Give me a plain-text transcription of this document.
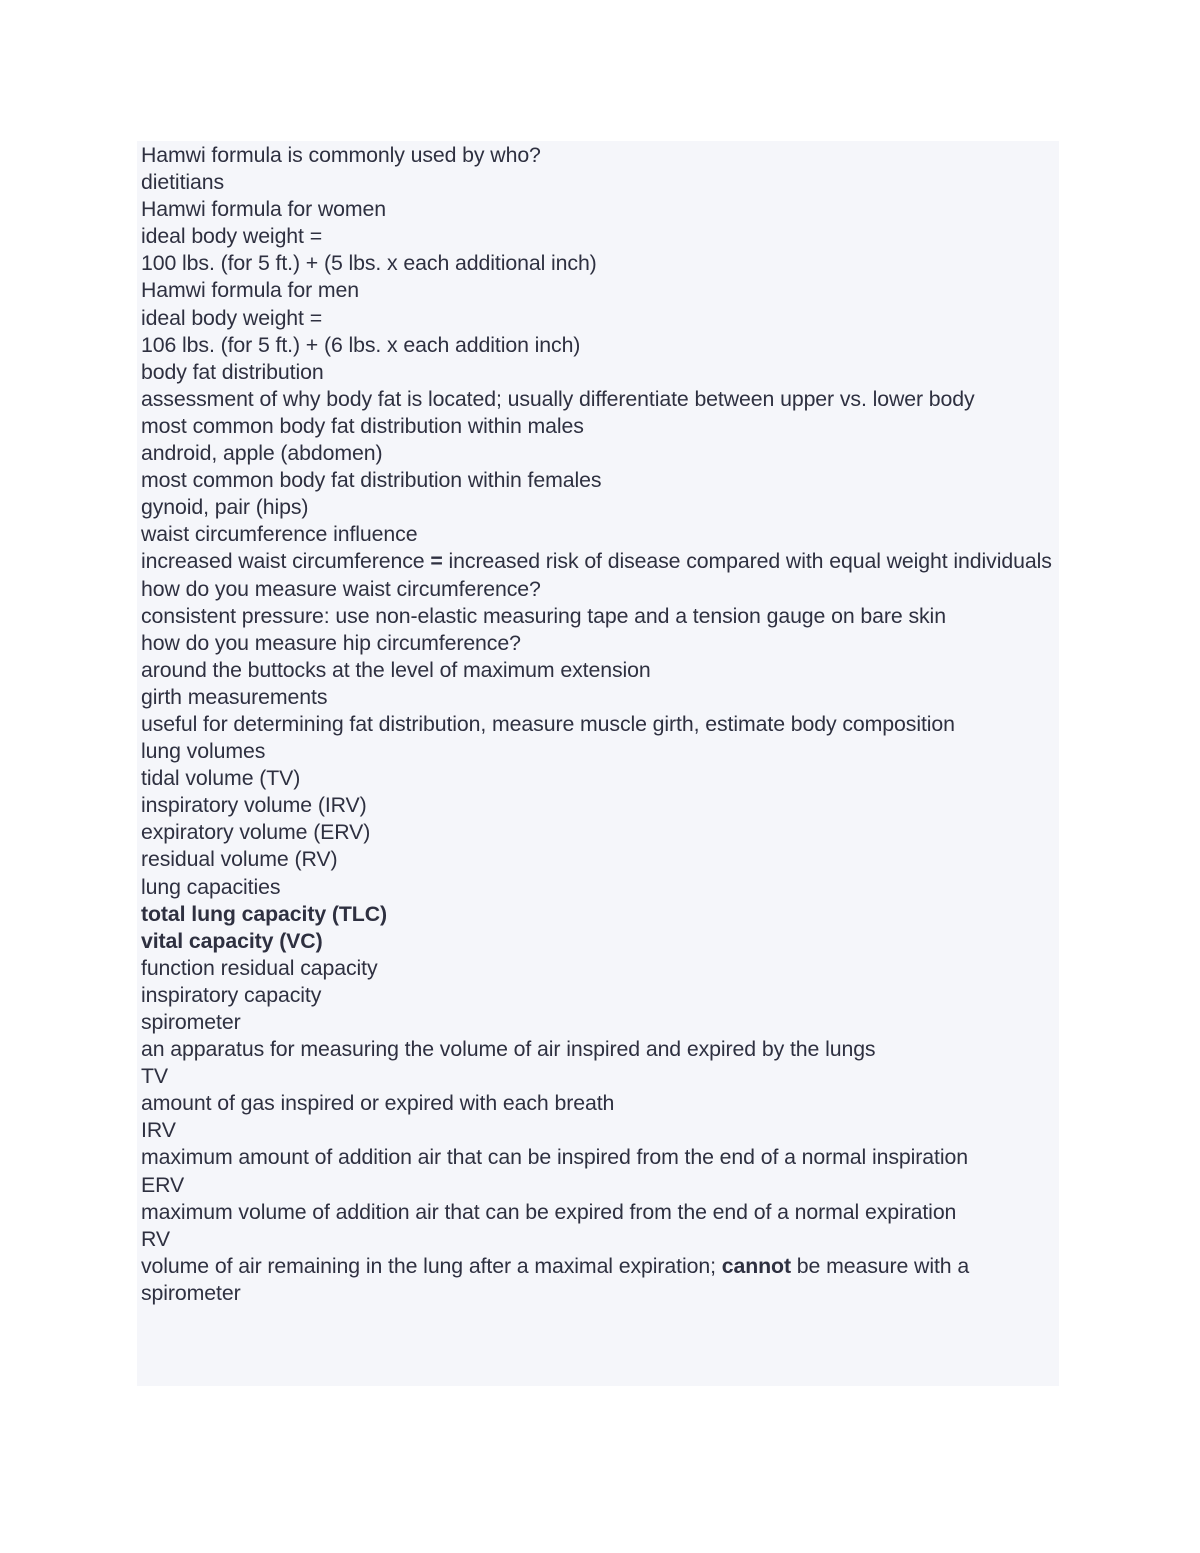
Hamwi formula is commonly used by who?
dietitians
Hamwi formula for women
ideal body weight =
100 lbs. (for 5 ft.) + (5 lbs. x each additional inch)
Hamwi formula for men
ideal body weight =
106 lbs. (for 5 ft.) + (6 lbs. x each addition inch)
body fat distribution
assessment of why body fat is located; usually differentiate between upper vs. lower body
most common body fat distribution within males
android, apple (abdomen)
most common body fat distribution within females
gynoid, pair (hips)
waist circumference influence
increased waist circumference = increased risk of disease compared with equal weight individuals
how do you measure waist circumference?
consistent pressure: use non-elastic measuring tape and a tension gauge on bare skin
how do you measure hip circumference?
around the buttocks at the level of maximum extension
girth measurements
useful for determining fat distribution, measure muscle girth, estimate body composition
lung volumes
tidal volume (TV)
inspiratory volume (IRV)
expiratory volume (ERV)
residual volume (RV)
lung capacities
total lung capacity (TLC)
vital capacity (VC)
function residual capacity
inspiratory capacity
spirometer
an apparatus for measuring the volume of air inspired and expired by the lungs
TV
amount of gas inspired or expired with each breath
IRV
maximum amount of addition air that can be inspired from the end of a normal inspiration
ERV
maximum volume of addition air that can be expired from the end of a normal expiration
RV
volume of air remaining in the lung after a maximal expiration; cannot be measure with a spirometer
